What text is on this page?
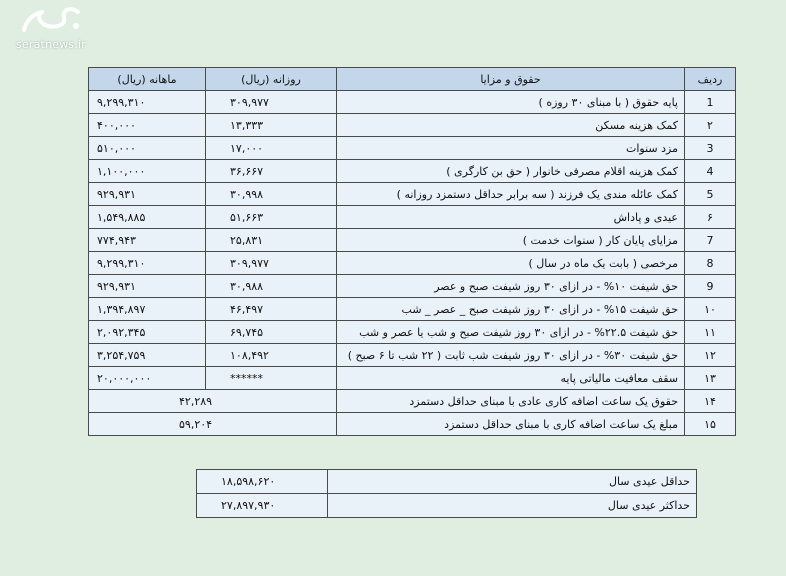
seratnews.ir
ردیف	حقوق و مزایا	روزانه (ریال)	ماهانه (ریال)
1	پایه حقوق ( با مبنای ۳۰ روزه )	۳۰۹,۹۷۷	۹,۲۹۹,۳۱۰
۲	کمک هزینه مسکن	۱۳,۳۳۳	۴۰۰,۰۰۰
3	مزد سنوات	۱۷,۰۰۰	۵۱۰,۰۰۰
4	کمک هزینه اقلام مصرفی خانوار ( حق بن کارگری )	۳۶,۶۶۷	۱,۱۰۰,۰۰۰
5	کمک عائله مندی یک فرزند ( سه برابر حداقل دستمزد روزانه )	۳۰,۹۹۸	۹۲۹,۹۳۱
۶	عیدی و پاداش	۵۱,۶۶۳	۱,۵۴۹,۸۸۵
7	مزایای پایان کار ( سنوات خدمت )	۲۵,۸۳۱	۷۷۴,۹۴۳
8	مرخصی ( بابت یک ماه در سال )	۳۰۹,۹۷۷	۹,۲۹۹,۳۱۰
9	حق شیفت ۱۰% - در ازای ۳۰ روز شیفت صبح و عصر	۳۰,۹۸۸	۹۲۹,۹۳۱
۱۰	حق شیفت ۱۵% - در ازای ۳۰ روز شیفت صبح _ عصر _ شب	۴۶,۴۹۷	۱,۳۹۴,۸۹۷
۱۱	حق شیفت ۲۲.۵% - در ازای ۳۰ روز شیفت صبح و شب یا عصر و شب	۶۹,۷۴۵	۲,۰۹۲,۳۴۵
۱۲	حق شیفت ۳۰% - در ازای ۳۰ روز شیفت شب ثابت ( ۲۲ شب تا ۶ صبح )	۱۰۸,۴۹۲	۳,۲۵۴,۷۵۹
۱۳	سقف معافیت مالیاتی پایه	******	۲۰,۰۰۰,۰۰۰
۱۴	حقوق یک ساعت اضافه کاری عادی با مبنای حداقل دستمزد	۴۲,۲۸۹	
۱۵	مبلغ یک ساعت اضافه کاری با مبنای حداقل دستمزد	۵۹,۲۰۴	
حداقل عیدی سال	۱۸,۵۹۸,۶۲۰
حداکثر عیدی سال	۲۷,۸۹۷,۹۳۰
